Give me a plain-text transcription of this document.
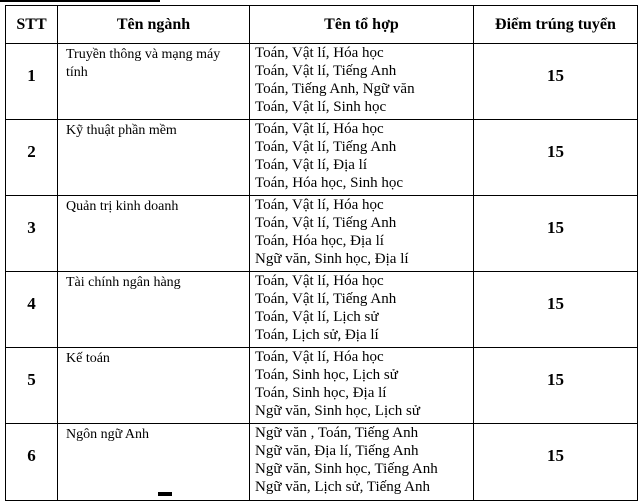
STT	Tên ngành	Tên tổ hợp	Điểm trúng tuyển
1	Truyền thông và mạng máy tính	Toán, Vật lí, Hóa học
Toán, Vật lí, Tiếng Anh
Toán, Tiếng Anh, Ngữ văn
Toán, Vật lí, Sinh học	15
2	Kỹ thuật phần mềm	Toán, Vật lí, Hóa học
Toán, Vật lí, Tiếng Anh
Toán, Vật lí, Địa lí
Toán, Hóa học, Sinh học	15
3	Quản trị kinh doanh	Toán, Vật lí, Hóa học
Toán, Vật lí, Tiếng Anh
Toán, Hóa học, Địa lí
Ngữ văn, Sinh học, Địa lí	15
4	Tài chính ngân hàng	Toán, Vật lí, Hóa học
Toán, Vật lí, Tiếng Anh
Toán, Vật lí, Lịch sử
Toán, Lịch sử, Địa lí	15
5	Kế toán	Toán, Vật lí, Hóa học
Toán, Sinh học, Lịch sử
Toán, Sinh học, Địa lí
Ngữ văn, Sinh học, Lịch sử	15
6	Ngôn ngữ Anh	Ngữ văn , Toán, Tiếng Anh
Ngữ văn, Địa lí, Tiếng Anh
Ngữ văn, Sinh học, Tiếng Anh
Ngữ văn, Lịch sử, Tiếng Anh	15
